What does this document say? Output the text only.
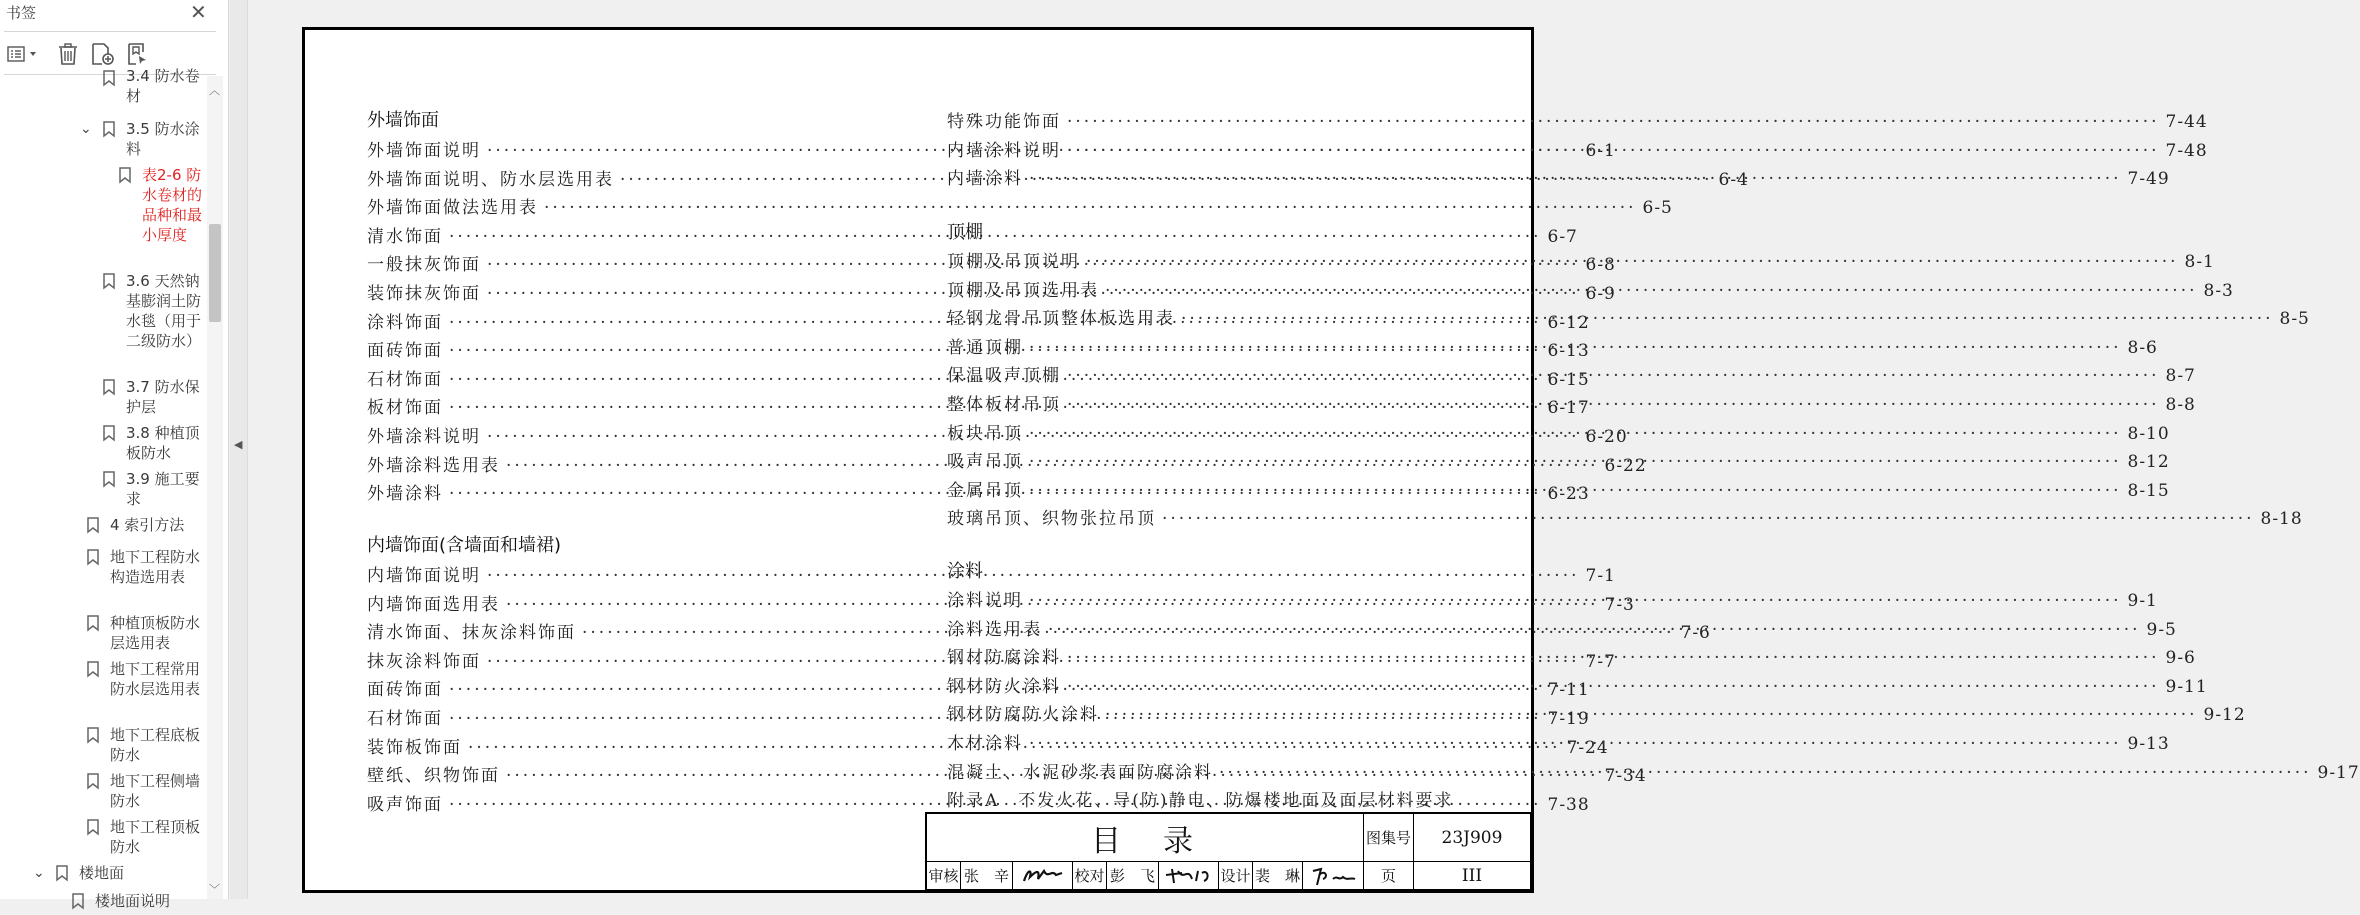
书签	✕
3.4 防水卷材
⌄ 3.5 防水涂料
表2-6 防水卷材的品种和最小厚度
3.6 天然钠基膨润土防水毯（用于二级防水）
3.7 防水保护层
3.8 种植顶板防水
3.9 施工要求
4 索引方法
地下工程防水构造选用表
种植顶板防水层选用表
地下工程常用防水层选用表
地下工程底板防水
地下工程侧墙防水
地下工程顶板防水
⌄ 楼地面
楼地面说明
︿
﹀
◀
外墙饰面
外墙饰面说明 ·····	6-1
外墙饰面说明、防水层选用表 ·····	6-4
外墙饰面做法选用表 ·····	6-5
清水饰面 ·····	6-7
一般抹灰饰面 ·····	6-8
装饰抹灰饰面 ·····	6-9
涂料饰面 ·····	6-12
面砖饰面 ·····	6-13
石材饰面 ·····	6-15
板材饰面 ·····	6-17
外墙涂料说明 ·····	6-20
外墙涂料选用表 ·····	6-22
外墙涂料 ·····	6-23
内墙饰面(含墙面和墙裙)
内墙饰面说明 ·····	7-1
内墙饰面选用表 ·····	7-3
清水饰面、抹灰涂料饰面 ·····	7-6
抹灰涂料饰面 ·····	7-7
面砖饰面 ·····	7-11
石材饰面 ·····	7-19
装饰板饰面 ·····	7-24
壁纸、织物饰面 ·····	7-34
吸声饰面 ·····	7-38
特殊功能饰面 ·····	7-44
内墙涂料说明 ·····	7-48
内墙涂料 ·····	7-49
顶棚
顶棚及吊顶说明 ·····	8-1
顶棚及吊顶选用表 ·····	8-3
轻钢龙骨吊顶整体板选用表 ·····	8-5
普通顶棚 ·····	8-6
保温吸声顶棚 ·····	8-7
整体板材吊顶 ·····	8-8
板块吊顶 ·····	8-10
吸声吊顶 ·····	8-12
金属吊顶 ·····	8-15
玻璃吊顶、织物张拉吊顶 ·····	8-18
涂料
涂料说明 ·····	9-1
涂料选用表 ·····	9-5
钢材防腐涂料 ·····	9-6
钢材防火涂料 ·····	9-11
钢材防腐防火涂料 ·····	9-12
木材涂料 ·····	9-13
混凝土、水泥砂浆表面防腐涂料 ·····	9-17
附录A　不发火花、导(防)静电、防爆楼地面及面层材料要求
目　录	图集号	23J909
审核 张　辛	校对 彭　飞	设计 裴　琳	页	III
